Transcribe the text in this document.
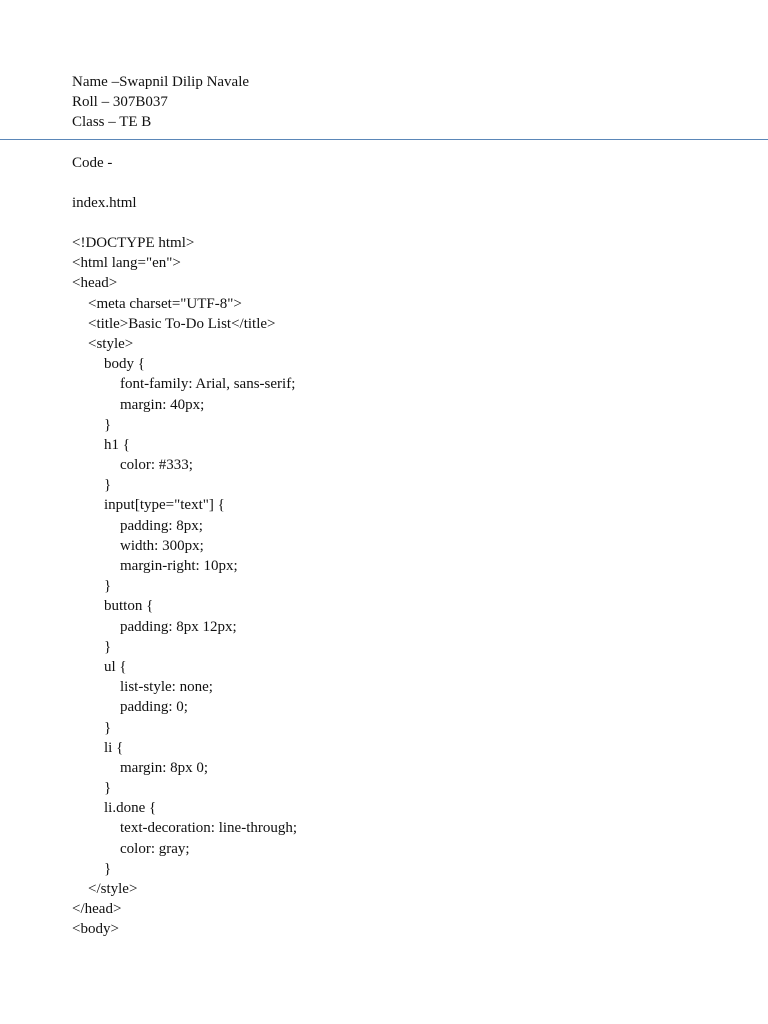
Name –Swapnil Dilip Navale
Roll – 307B037
Class – TE B
Code -
index.html
<!DOCTYPE html>
<html lang="en">
<head>
<meta charset="UTF-8">
<title>Basic To-Do List</title>
<style>
body {
font-family: Arial, sans-serif;
margin: 40px;
}
h1 {
color: #333;
}
input[type="text"] {
padding: 8px;
width: 300px;
margin-right: 10px;
}
button {
padding: 8px 12px;
}
ul {
list-style: none;
padding: 0;
}
li {
margin: 8px 0;
}
li.done {
text-decoration: line-through;
color: gray;
}
</style>
</head>
<body>
